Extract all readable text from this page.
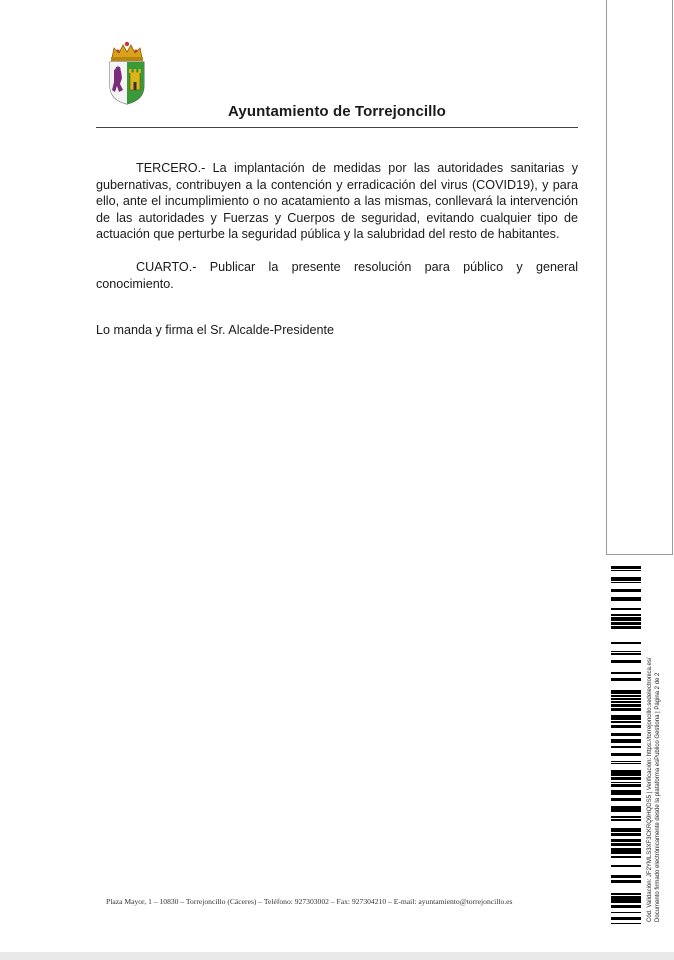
Ayuntamiento de Torrejoncillo

TERCERO.- La implantación de medidas por las autoridades sanitarias y gubernativas, contribuyen a la contención y erradicación del virus (COVID19), y para ello, ante el incumplimiento o no acatamiento a las mismas, conllevará la intervención de las autoridades y Fuerzas y Cuerpos de seguridad, evitando cualquier tipo de actuación que perturbe la seguridad pública y la salubridad del resto de habitantes.

CUARTO.- Publicar la presente resolución para público y general conocimiento.

Lo manda y firma el Sr. Alcalde-Presidente

Cód. Validación: JF2YMLS3XF3CKRQ9HQDS5 | Verificación: https://torrejoncillo.sedelectronica.es/ Documento firmado electrónicamente desde la plataforma esPublico Gestiona | Página 2 de 2
Plaza Mayor, 1 – 10830 – Torrejoncillo (Cáceres) – Teléfono: 927303002 – Fax: 927304210 – E-mail: ayuntamiento@torrejoncillo.es
